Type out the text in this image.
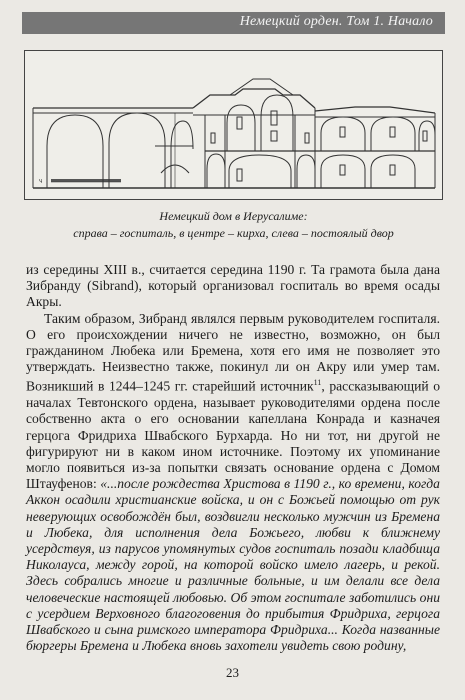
Немецкий орден. Том 1. Начало
Ч
Немецкий дом в Иерусалиме:
справа – госпиталь, в центре – кирха, слева – постоялый двор

из середины XIII в., считается середина 1190 г. Та грамота была дана Зибранду (Sibrand), который организовал госпиталь во время осады Акры.

Таким образом, Зибранд являлся первым руководителем госпиталя. О его происхождении ничего не известно, возможно, он был гражданином Любека или Бремена, хотя его имя не позволяет это утверждать. Неизвестно также, покинул ли он Акру или умер там. Возникший в 1244–1245 гг. старейший источник$^{11}$, рассказывающий о началах Тевтонского ордена, называет руководителями ордена после собственно акта о его основании капеллана Конрада и казначея герцога Фридриха Швабского Бурхарда. Но ни тот, ни другой не фигурируют ни в каком ином источнике. Поэтому их упоминание могло появиться из-за попытки связать основание ордена с Домом Штауфенов: «...после рождества Христова в 1190 г., ко времени, когда Аккон осадили христианские войска, и он с Божьей помощью от рук неверующих освобождён был, воздвигли несколько мужчин из Бремена и Любека, для исполнения дела Божьего, любви к ближнему усердствуя, из парусов упомянутых судов госпиталь позади кладбища Николауса, между горой, на которой войско имело лагерь, и рекой. Здесь собрались многие и различные больные, и им делали все дела человеческие настоящей любовью. Об этом госпитале заботились они с усердием Верховного благоговения до прибытия Фридриха, герцога Швабского и сына римского императора Фридриха... Когда названные бюргеры Бремена и Любека вновь захотели увидеть свою родину,

23
